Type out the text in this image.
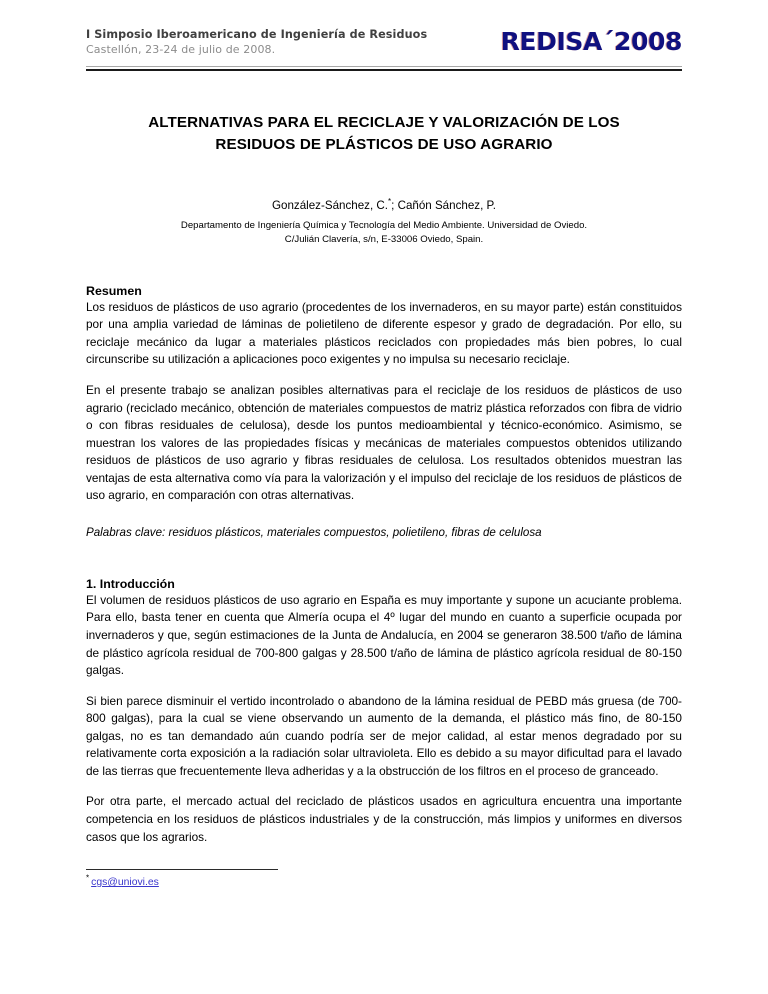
I Simposio Iberoamericano de Ingeniería de Residuos
Castellón, 23-24 de julio de 2008.	REDISA´2008
ALTERNATIVAS PARA EL RECICLAJE Y VALORIZACIÓN DE LOS
RESIDUOS DE PLÁSTICOS DE USO AGRARIO
González-Sánchez, C.*; Cañón Sánchez, P.
Departamento de Ingeniería Química y Tecnología del Medio Ambiente. Universidad de Oviedo.
C/Julián Clavería, s/n, E-33006 Oviedo, Spain.
Resumen

Los residuos de plásticos de uso agrario (procedentes de los invernaderos, en su mayor parte) están constituidos por una amplia variedad de láminas de polietileno de diferente espesor y grado de degradación. Por ello, su reciclaje mecánico da lugar a materiales plásticos reciclados con propiedades más bien pobres, lo cual circunscribe su utilización a aplicaciones poco exigentes y no impulsa su necesario reciclaje.

En el presente trabajo se analizan posibles alternativas para el reciclaje de los residuos de plásticos de uso agrario (reciclado mecánico, obtención de materiales compuestos de matriz plástica reforzados con fibra de vidrio o con fibras residuales de celulosa), desde los puntos medioambiental y técnico-económico. Asimismo, se muestran los valores de las propiedades físicas y mecánicas de materiales compuestos obtenidos utilizando residuos de plásticos de uso agrario y fibras residuales de celulosa. Los resultados obtenidos muestran las ventajas de esta alternativa como vía para la valorización y el impulso del reciclaje de los residuos de plásticos de uso agrario, en comparación con otras alternativas.

Palabras clave: residuos plásticos, materiales compuestos, polietileno, fibras de celulosa

1. Introducción

El volumen de residuos plásticos de uso agrario en España es muy importante y supone un acuciante problema. Para ello, basta tener en cuenta que Almería ocupa el 4º lugar del mundo en cuanto a superficie ocupada por invernaderos y que, según estimaciones de la Junta de Andalucía, en 2004 se generaron 38.500 t/año de lámina de plástico agrícola residual de 700-800 galgas y 28.500 t/año de lámina de plástico agrícola residual de 80-150 galgas.

Si bien parece disminuir el vertido incontrolado o abandono de la lámina residual de PEBD más gruesa (de 700-800 galgas), para la cual se viene observando un aumento de la demanda, el plástico más fino, de 80-150 galgas, no es tan demandado aún cuando podría ser de mejor calidad, al estar menos degradado por su relativamente corta exposición a la radiación solar ultravioleta. Ello es debido a su mayor dificultad para el lavado de las tierras que frecuentemente lleva adheridas y a la obstrucción de los filtros en el proceso de granceado.

Por otra parte, el mercado actual del reciclado de plásticos usados en agricultura encuentra una importante competencia en los residuos de plásticos industriales y de la construcción, más limpios y uniformes en diversos casos que los agrarios.

* cgs@uniovi.es
